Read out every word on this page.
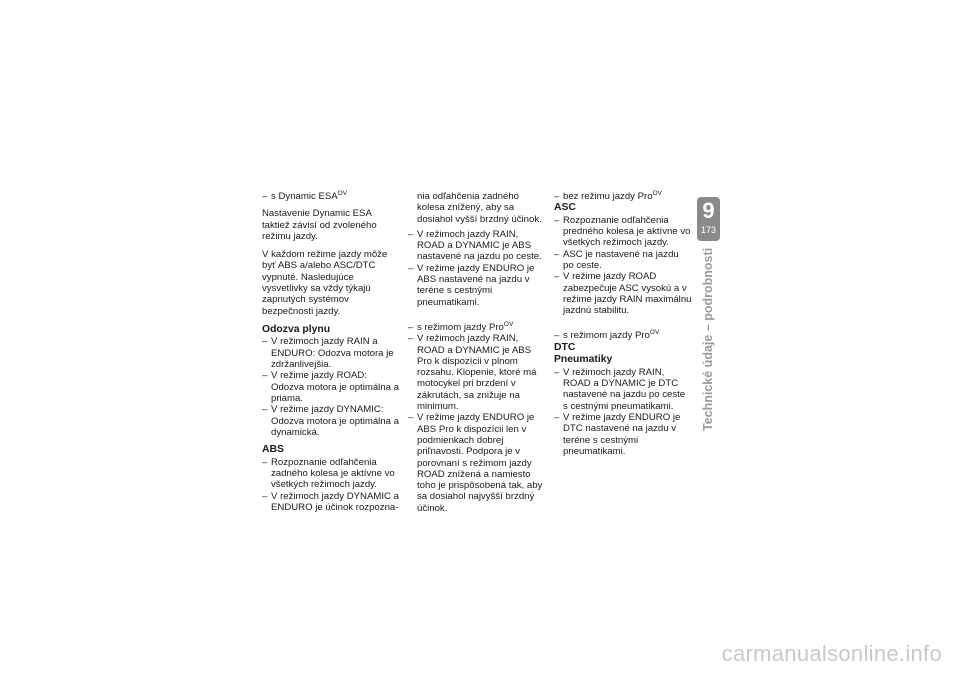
– s Dynamic $ESA^{OV}$

Nastavenie Dynamic ESA taktiež závisí od zvoleného režimu jazdy.

V každom režime jazdy môže byť ABS a/alebo ASC/DTC vypnuté. Nasledujúce vysvetlivky sa vždy týkajú zapnutých systémov bezpečnosti jazdy.

Odozva plynu
– V režimoch jazdy RAIN a ENDURO: Odozva motora je zdržanlivejšia.
– V režime jazdy ROAD: Odozva motora je optimálna a priama.
– V režime jazdy DYNAMIC: Odozva motora je optimálna a dynamická.
ABS
– Rozpoznanie odľahčenia zadného kolesa je aktívne vo všetkých režimoch jazdy.
– V režimoch jazdy DYNAMIC a ENDURO je účinok rozpozna-

nia odľahčenia zadného kolesa znížený, aby sa dosiahol vyšší brzdný účinok.

– V režimoch jazdy RAIN, ROAD a DYNAMIC je ABS nastavené na jazdu po ceste.
– V režime jazdy ENDURO je ABS nastavené na jazdu v teréne s cestnými pneumatikami.
– s režimom jazdy Pro$^{OV}$
– V režimoch jazdy RAIN, ROAD a DYNAMIC je ABS Pro k dispozícii v plnom rozsahu. Klopenie, ktoré má motocykel pri brzdení v zákrutách, sa znižuje na minimum.
– V režime jazdy ENDURO je ABS Pro k dispozícii len v podmienkach dobrej priľnavosti. Podpora je v porovnaní s režimom jazdy ROAD znížená a namiesto toho je prispôsobená tak, aby sa dosiahol najvyšší brzdný účinok.
– bez režimu jazdy Pro$^{OV}$
ASC
– Rozpoznanie odľahčenia predného kolesa je aktívne vo všetkých režimoch jazdy.
– ASC je nastavené na jazdu po ceste.
– V režime jazdy ROAD zabezpečuje ASC vysokú a v režime jazdy RAIN maximálnu jazdnú stabilitu.
– s režimom jazdy Pro$^{OV}$
DTC
Pneumatiky
– V režimoch jazdy RAIN, ROAD a DYNAMIC je DTC nastavené na jazdu po ceste s cestnými pneumatikami.
– V režime jazdy ENDURO je DTC nastavené na jazdu v teréne s cestnými pneumatikami.
9
173
Technické údaje – podrobnosti
carmanualsonline.info
